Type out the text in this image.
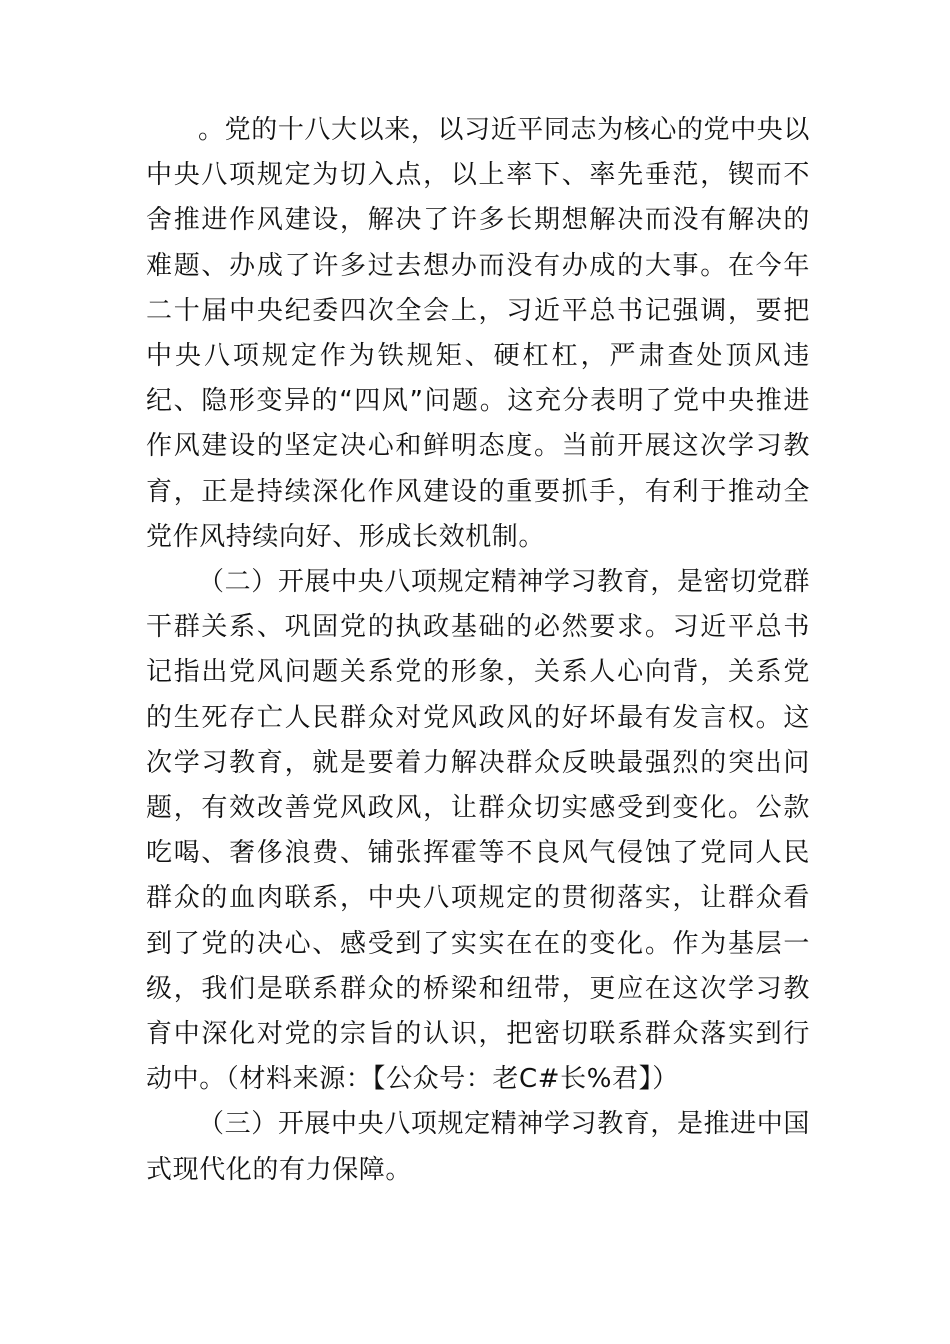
。党的十八大以来，以习近平同志为核心的党中央以中央八项规定为切入点，以上率下、率先垂范，锲而不舍推进作风建设，解决了许多长期想解决而没有解决的难题、办成了许多过去想办而没有办成的大事。在今年二十届中央纪委四次全会上，习近平总书记强调，要把中央八项规定作为铁规矩、硬杠杠，严肃查处顶风违纪、隐形变异的“四风”问题。这充分表明了党中央推进作风建设的坚定决心和鲜明态度。当前开展这次学习教育，正是持续深化作风建设的重要抓手，有利于推动全党作风持续向好、形成长效机制。

（二）开展中央八项规定精神学习教育，是密切党群干群关系、巩固党的执政基础的必然要求。习近平总书记指出党风问题关系党的形象，关系人心向背，关系党的生死存亡人民群众对党风政风的好坏最有发言权。这次学习教育，就是要着力解决群众反映最强烈的突出问题，有效改善党风政风，让群众切实感受到变化。公款吃喝、奢侈浪费、铺张挥霍等不良风气侵蚀了党同人民群众的血肉联系，中央八项规定的贯彻落实，让群众看到了党的决心、感受到了实实在在的变化。作为基层一级，我们是联系群众的桥梁和纽带，更应在这次学习教育中深化对党的宗旨的认识，把密切联系群众落实到行动中。（材料来源：【公众号：老C#长%君】）

（三）开展中央八项规定精神学习教育，是推进中国式现代化的有力保障。
